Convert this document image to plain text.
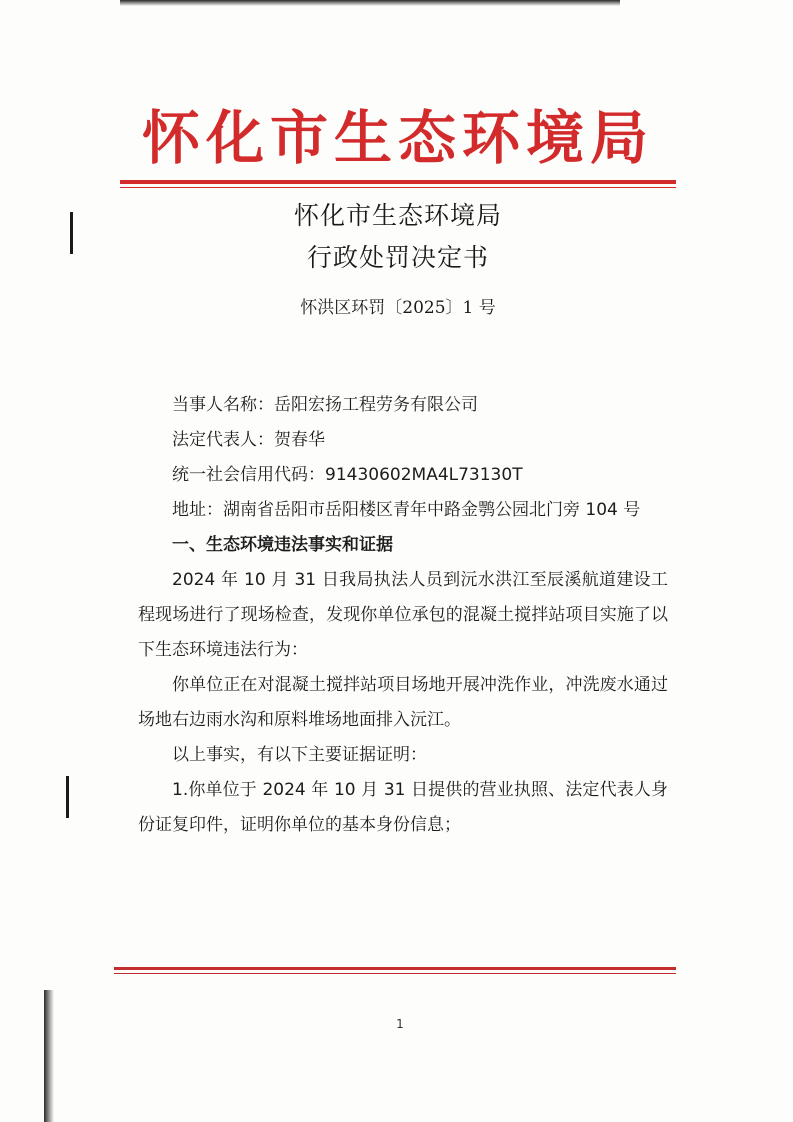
怀化市生态环境局
怀化市生态环境局
行政处罚决定书
怀洪区环罚〔2025〕1 号

当事人名称：岳阳宏扬工程劳务有限公司

法定代表人：贺春华

统一社会信用代码：91430602MA4L73130T

地址：湖南省岳阳市岳阳楼区青年中路金鹗公园北门旁 104 号

一、生态环境违法事实和证据

2024 年 10 月 31 日我局执法人员到沅水洪江至辰溪航道建设工程现场进行了现场检查，发现你单位承包的混凝土搅拌站项目实施了以下生态环境违法行为：

你单位正在对混凝土搅拌站项目场地开展冲洗作业，冲洗废水通过场地右边雨水沟和原料堆场地面排入沅江。

以上事实，有以下主要证据证明：

1.你单位于 2024 年 10 月 31 日提供的营业执照、法定代表人身份证复印件，证明你单位的基本身份信息；

1
